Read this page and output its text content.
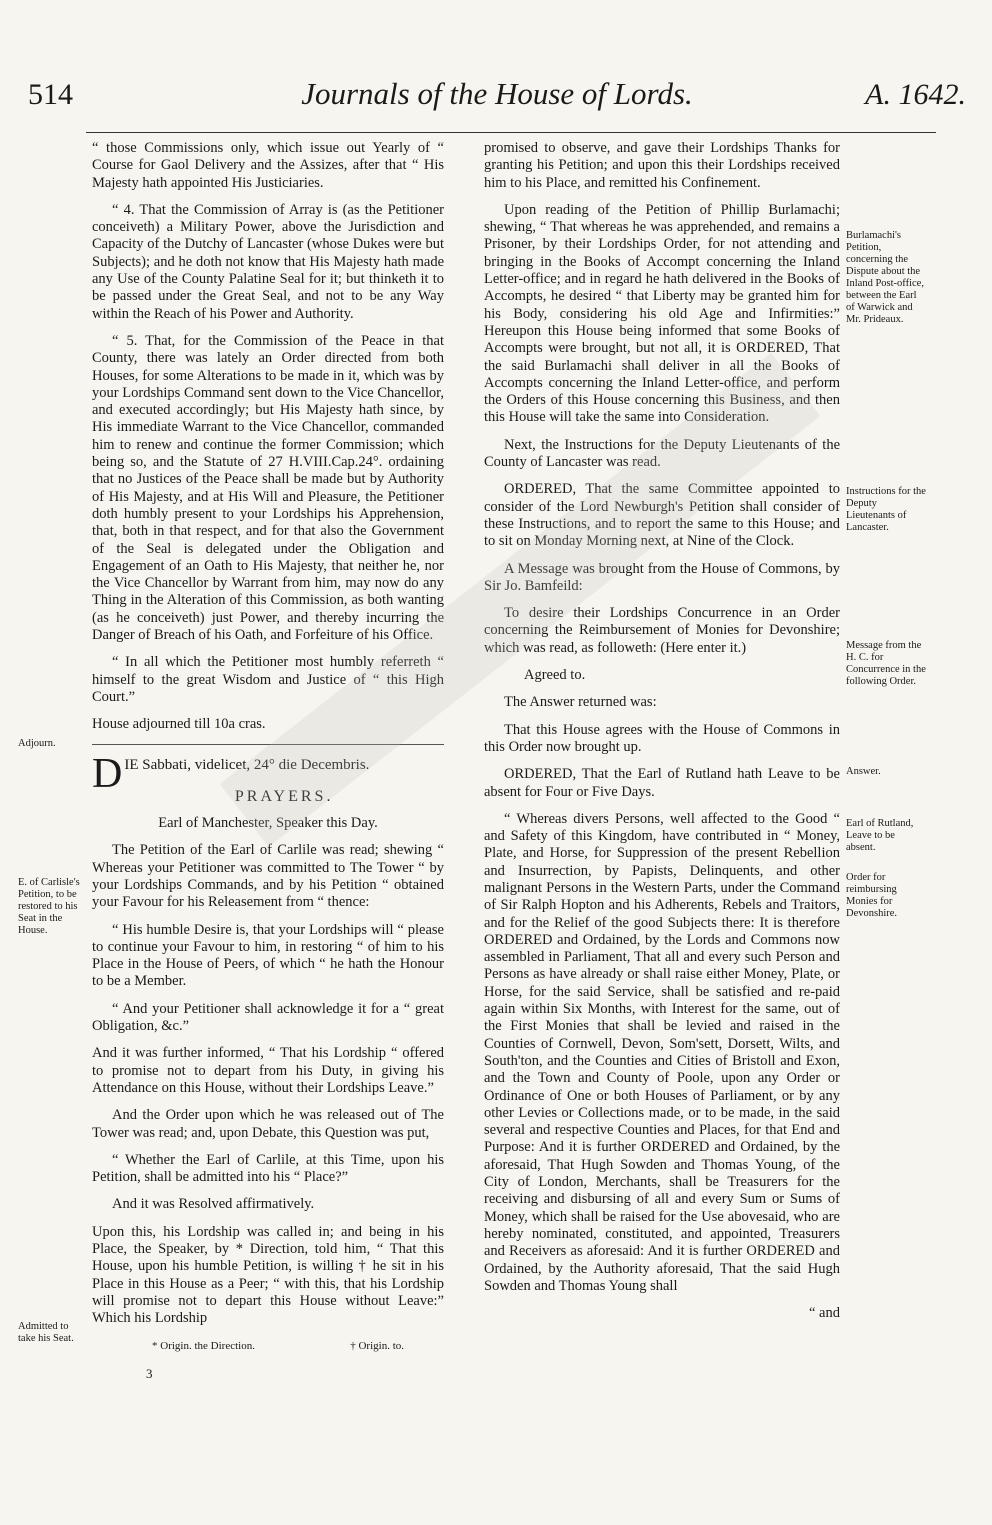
514	Journals of the House of Lords.	A. 1642.
Adjourn.
E. of Carlisle's Petition, to be restored to his Seat in the House.
Admitted to take his Seat.
Burlamachi's Petition, concerning the Dispute about the Inland Post-office, between the Earl of Warwick and Mr. Prideaux.
Instructions for the Deputy Lieutenants of Lancaster.
Message from the H. C. for Concurrence in the following Order.
Answer.
Earl of Rutland, Leave to be absent.
Order for reimbursing Monies for Devonshire.

“ those Commissions only, which issue out Yearly of “ Course for Gaol Delivery and the Assizes, after that “ His Majesty hath appointed His Justiciaries.

“ 4. That the Commission of Array is (as the Petitioner conceiveth) a Military Power, above the Jurisdiction and Capacity of the Dutchy of Lancaster (whose Dukes were but Subjects); and he doth not know that His Majesty hath made any Use of the County Palatine Seal for it; but thinketh it to be passed under the Great Seal, and not to be any Way within the Reach of his Power and Authority.

“ 5. That, for the Commission of the Peace in that County, there was lately an Order directed from both Houses, for some Alterations to be made in it, which was by your Lordships Command sent down to the Vice Chancellor, and executed accordingly; but His Majesty hath since, by His immediate Warrant to the Vice Chancellor, commanded him to renew and continue the former Commission; which being so, and the Statute of 27 H.VIII.Cap.24°. ordaining that no Justices of the Peace shall be made but by Authority of His Majesty, and at His Will and Pleasure, the Petitioner doth humbly present to your Lordships his Apprehension, that, both in that respect, and for that also the Government of the Seal is delegated under the Obligation and Engagement of an Oath to His Majesty, that neither he, nor the Vice Chancellor by Warrant from him, may now do any Thing in the Alteration of this Commission, as both wanting (as he conceiveth) just Power, and thereby incurring the Danger of Breach of his Oath, and Forfeiture of his Office.

“ In all which the Petitioner most humbly referreth “ himself to the great Wisdom and Justice of “ this High Court.”

House adjourned till 10a cras.

DIE Sabbati, videlicet, 24° die Decembris.

PRAYERS.

Earl of Manchester, Speaker this Day.

The Petition of the Earl of Carlile was read; shewing “ Whereas your Petitioner was committed to The Tower “ by your Lordships Commands, and by his Petition “ obtained your Favour for his Releasement from “ thence:

“ His humble Desire is, that your Lordships will “ please to continue your Favour to him, in restoring “ of him to his Place in the House of Peers, of which “ he hath the Honour to be a Member.

“ And your Petitioner shall acknowledge it for a “ great Obligation, &c.”

And it was further informed, “ That his Lordship “ offered to promise not to depart from his Duty, in giving his Attendance on this House, without their Lordships Leave.”

And the Order upon which he was released out of The Tower was read; and, upon Debate, this Question was put,

“ Whether the Earl of Carlile, at this Time, upon his Petition, shall be admitted into his “ Place?”

And it was Resolved affirmatively.

Upon this, his Lordship was called in; and being in his Place, the Speaker, by * Direction, told him, “ That this House, upon his humble Petition, is willing † he sit in his Place in this House as a Peer; “ with this, that his Lordship will promise not to depart this House without Leave:” Which his Lordship

* Origin. the Direction.	† Origin. to.

3

promised to observe, and gave their Lordships Thanks for granting his Petition; and upon this their Lordships received him to his Place, and remitted his Confinement.

Upon reading of the Petition of Phillip Burlamachi; shewing, “ That whereas he was apprehended, and remains a Prisoner, by their Lordships Order, for not attending and bringing in the Books of Accompt concerning the Inland Letter-office; and in regard he hath delivered in the Books of Accompts, he desired “ that Liberty may be granted him for his Body, considering his old Age and Infirmities:” Hereupon this House being informed that some Books of Accompts were brought, but not all, it is ORDERED, That the said Burlamachi shall deliver in all the Books of Accompts concerning the Inland Letter-office, and perform the Orders of this House concerning this Business, and then this House will take the same into Consideration.

Next, the Instructions for the Deputy Lieutenants of the County of Lancaster was read.

ORDERED, That the same Committee appointed to consider of the Lord Newburgh's Petition shall consider of these Instructions, and to report the same to this House; and to sit on Monday Morning next, at Nine of the Clock.

A Message was brought from the House of Commons, by Sir Jo. Bamfeild:

To desire their Lordships Concurrence in an Order concerning the Reimbursement of Monies for Devonshire; which was read, as followeth: (Here enter it.)

Agreed to.

The Answer returned was:

That this House agrees with the House of Commons in this Order now brought up.

ORDERED, That the Earl of Rutland hath Leave to be absent for Four or Five Days.

“ Whereas divers Persons, well affected to the Good “ and Safety of this Kingdom, have contributed in “ Money, Plate, and Horse, for Suppression of the present Rebellion and Insurrection, by Papists, Delinquents, and other malignant Persons in the Western Parts, under the Command of Sir Ralph Hopton and his Adherents, Rebels and Traitors, and for the Relief of the good Subjects there: It is therefore ORDERED and Ordained, by the Lords and Commons now assembled in Parliament, That all and every such Person and Persons as have already or shall raise either Money, Plate, or Horse, for the said Service, shall be satisfied and re-paid again within Six Months, with Interest for the same, out of the First Monies that shall be levied and raised in the Counties of Cornwell, Devon, Som'sett, Dorsett, Wilts, and South'ton, and the Counties and Cities of Bristoll and Exon, and the Town and County of Poole, upon any Order or Ordinance of One or both Houses of Parliament, or by any other Levies or Collections made, or to be made, in the said several and respective Counties and Places, for that End and Purpose: And it is further ORDERED and Ordained, by the aforesaid, That Hugh Sowden and Thomas Young, of the City of London, Merchants, shall be Treasurers for the receiving and disbursing of all and every Sum or Sums of Money, which shall be raised for the Use abovesaid, who are hereby nominated, constituted, and appointed, Treasurers and Receivers as aforesaid: And it is further ORDERED and Ordained, by the Authority aforesaid, That the said Hugh Sowden and Thomas Young shall

“ and
